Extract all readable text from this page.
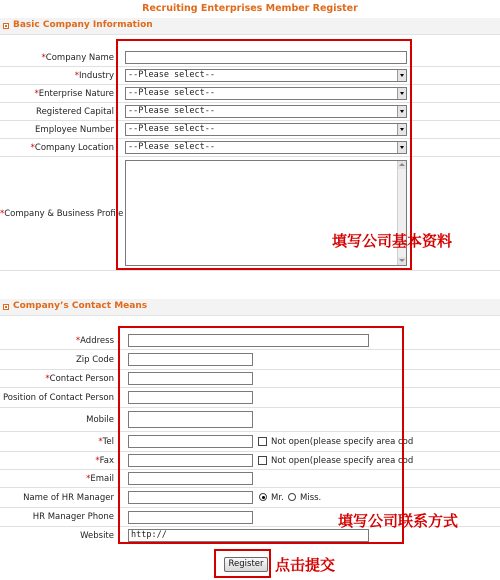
Recruiting Enterprises Member Register
Basic Company Information
*Company Name
*Industry	--Please select--
*Enterprise Nature	--Please select--
Registered Capital	--Please select--
Employee Number	--Please select--
*Company Location	--Please select--
*Company & Business Profile
填写公司基本资料
Company’s Contact Means
*Address
Zip Code
*Contact Person
Position of Contact Person
Mobile
*Tel	Not open(please specify area cod
*Fax	Not open(please specify area cod
*Email
Name of HR Manager	Mr. Miss.
HR Manager Phone
Website	http://
填写公司联系方式
Register 点击提交
